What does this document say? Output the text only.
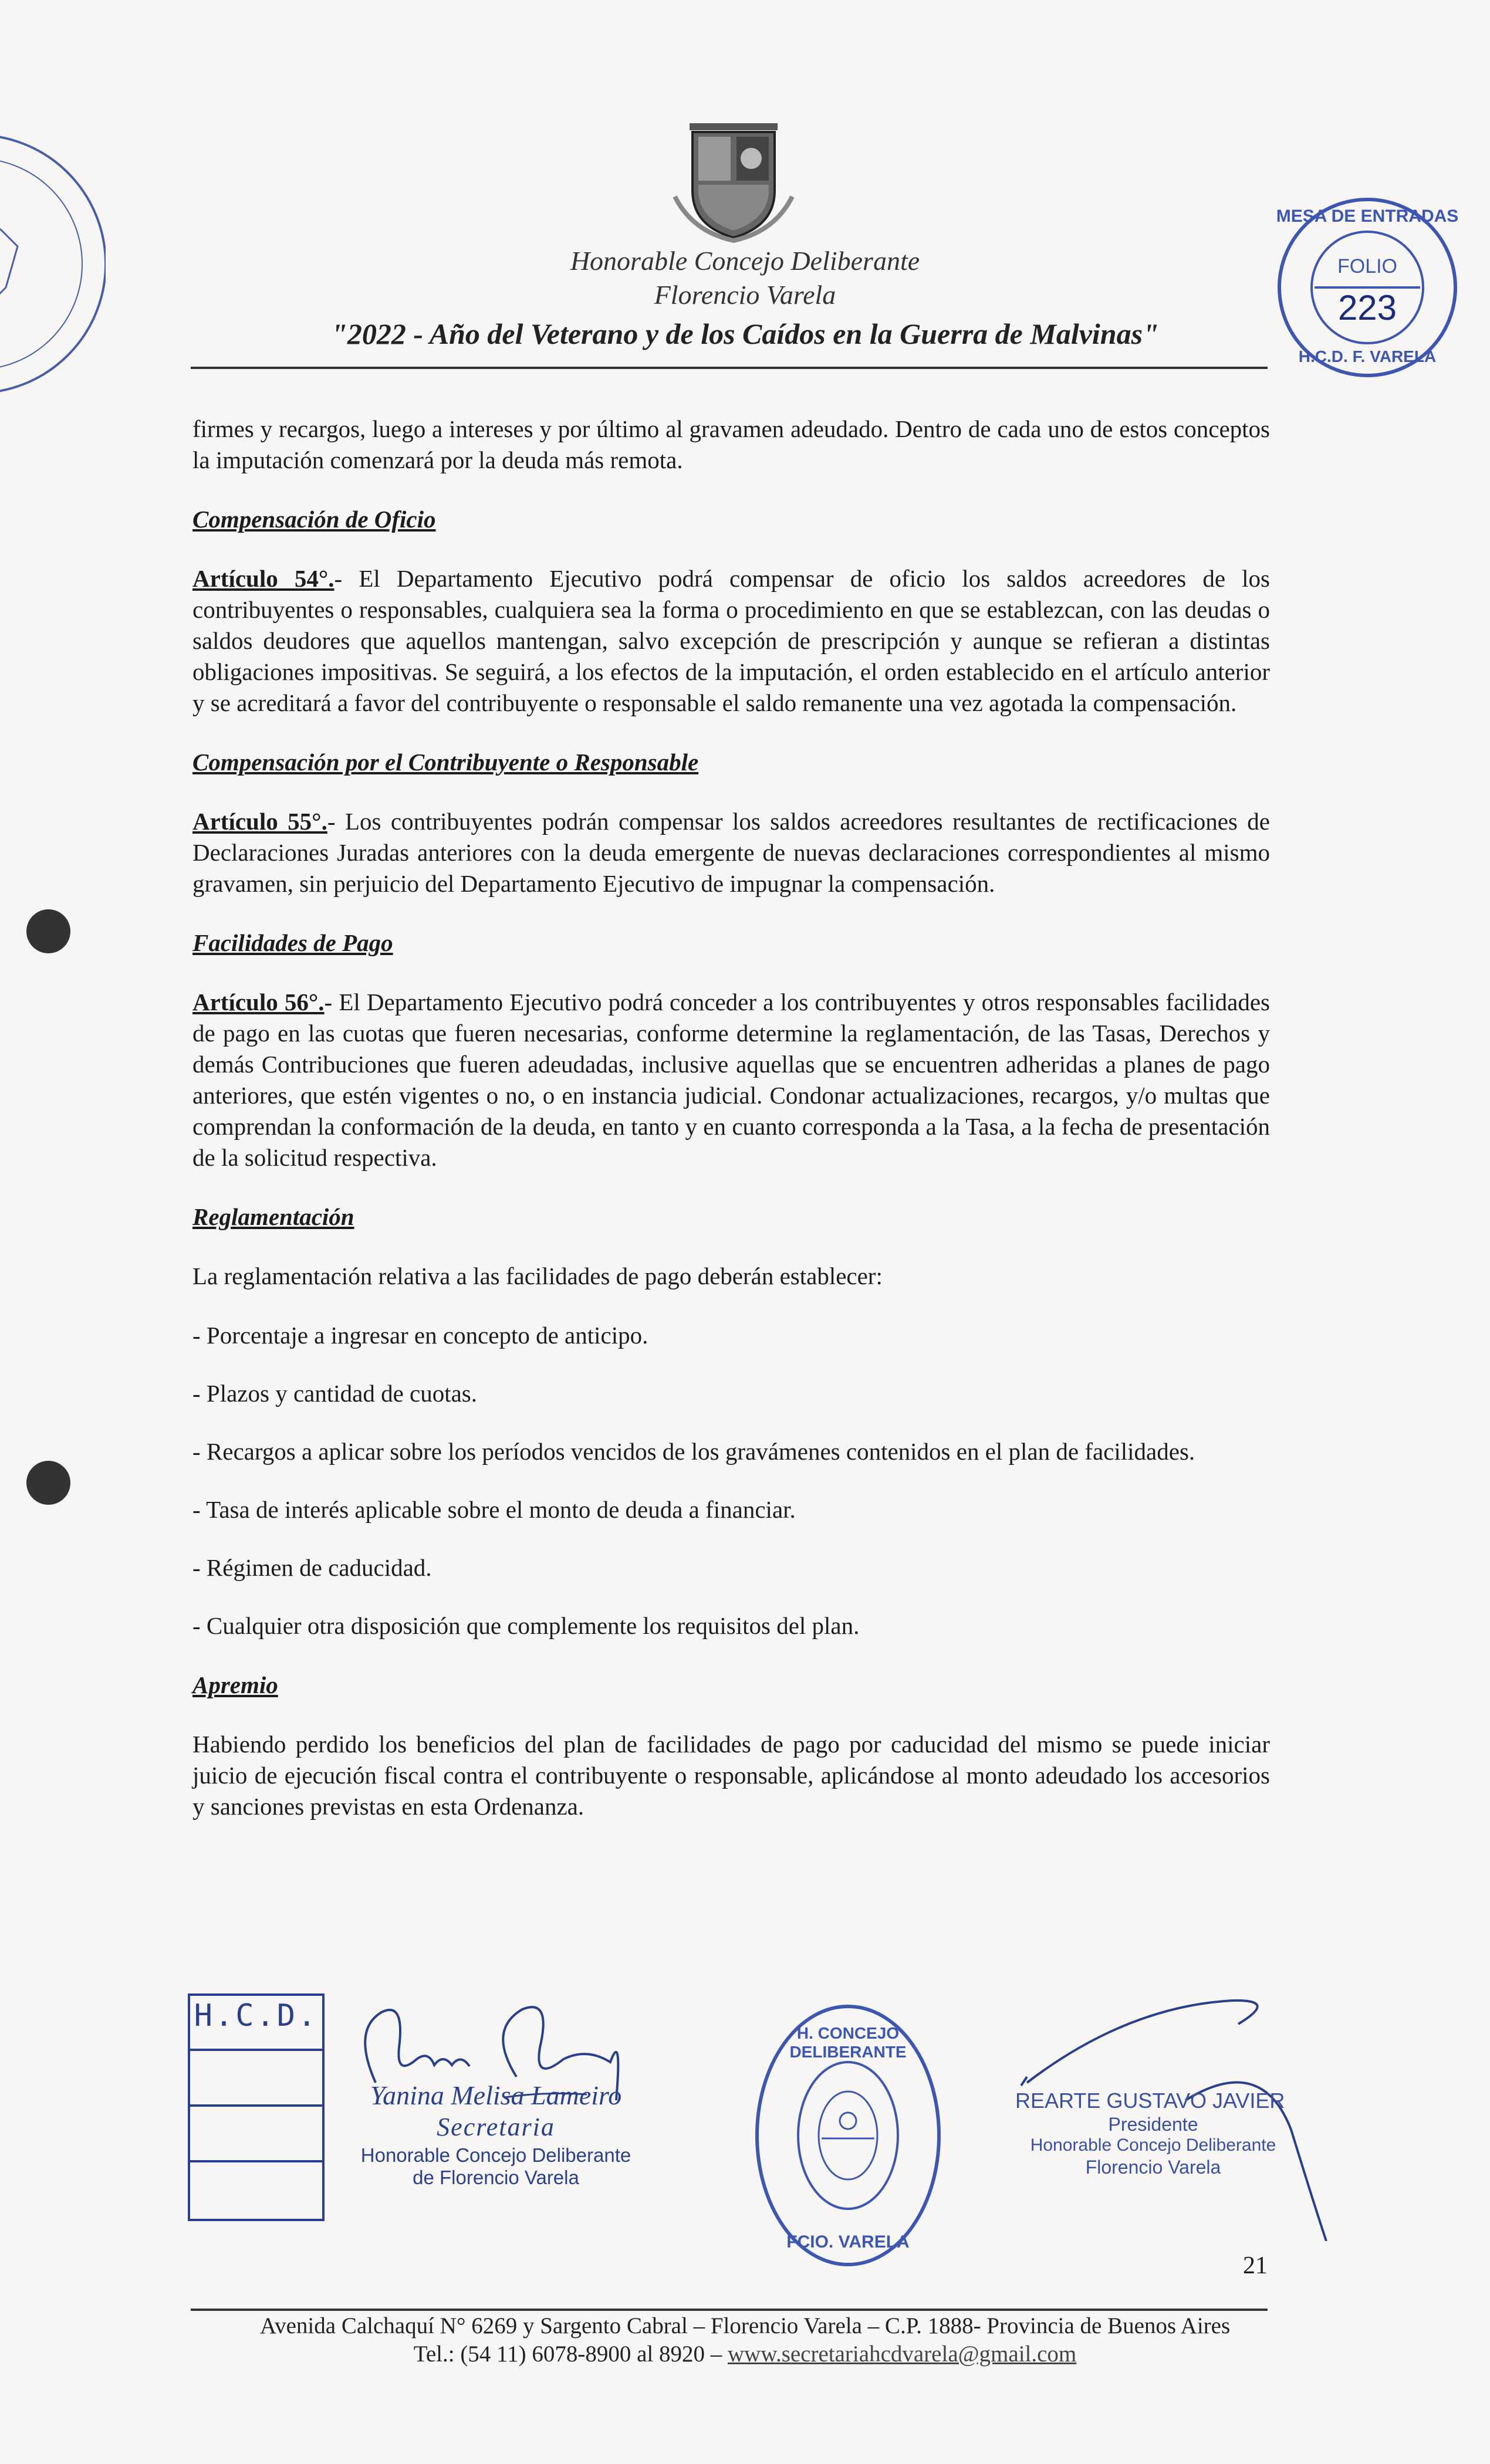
Honorable Concejo Deliberante
Florencio Varela
"2022 - Año del Veterano y de los Caídos en la Guerra de Malvinas"
MESA DE ENTRADAS
FOLIO
223
H.C.D. F. VARELA

firmes y recargos, luego a intereses y por último al gravamen adeudado. Dentro de cada uno de estos conceptos la imputación comenzará por la deuda más remota.

Compensación de Oficio

Artículo 54°.- El Departamento Ejecutivo podrá compensar de oficio los saldos acreedores de los contribuyentes o responsables, cualquiera sea la forma o procedimiento en que se establezcan, con las deudas o saldos deudores que aquellos mantengan, salvo excepción de prescripción y aunque se refieran a distintas obligaciones impositivas. Se seguirá, a los efectos de la imputación, el orden establecido en el artículo anterior y se acreditará a favor del contribuyente o responsable el saldo remanente una vez agotada la compensación.

Compensación por el Contribuyente o Responsable

Artículo 55°.- Los contribuyentes podrán compensar los saldos acreedores resultantes de rectificaciones de Declaraciones Juradas anteriores con la deuda emergente de nuevas declaraciones correspondientes al mismo gravamen, sin perjuicio del Departamento Ejecutivo de impugnar la compensación.

Facilidades de Pago

Artículo 56°.- El Departamento Ejecutivo podrá conceder a los contribuyentes y otros responsables facilidades de pago en las cuotas que fueren necesarias, conforme determine la reglamentación, de las Tasas, Derechos y demás Contribuciones que fueren adeudadas, inclusive aquellas que se encuentren adheridas a planes de pago anteriores, que estén vigentes o no, o en instancia judicial. Condonar actualizaciones, recargos, y/o multas que comprendan la conformación de la deuda, en tanto y en cuanto corresponda a la Tasa, a la fecha de presentación de la solicitud respectiva.

Reglamentación

La reglamentación relativa a las facilidades de pago deberán establecer:

- Porcentaje a ingresar en concepto de anticipo.

- Plazos y cantidad de cuotas.

- Recargos a aplicar sobre los períodos vencidos de los gravámenes contenidos en el plan de facilidades.

- Tasa de interés aplicable sobre el monto de deuda a financiar.

- Régimen de caducidad.

- Cualquier otra disposición que complemente los requisitos del plan.

Apremio

Habiendo perdido los beneficios del plan de facilidades de pago por caducidad del mismo se puede iniciar juicio de ejecución fiscal contra el contribuyente o responsable, aplicándose al monto adeudado los accesorios y sanciones previstas en esta Ordenanza.

H.C.D.
Yanina Melisa Lameiro
Secretaria
Honorable Concejo Deliberante
de Florencio Varela
H. CONCEJO DELIBERANTE
FCIO. VARELA
REARTE GUSTAVO JAVIER
Presidente
Honorable Concejo Deliberante
Florencio Varela
21
Avenida Calchaquí N° 6269 y Sargento Cabral – Florencio Varela – C.P. 1888- Provincia de Buenos Aires
Tel.: (54 11) 6078-8900 al 8920 – www.secretariahcdvarela@gmail.com
